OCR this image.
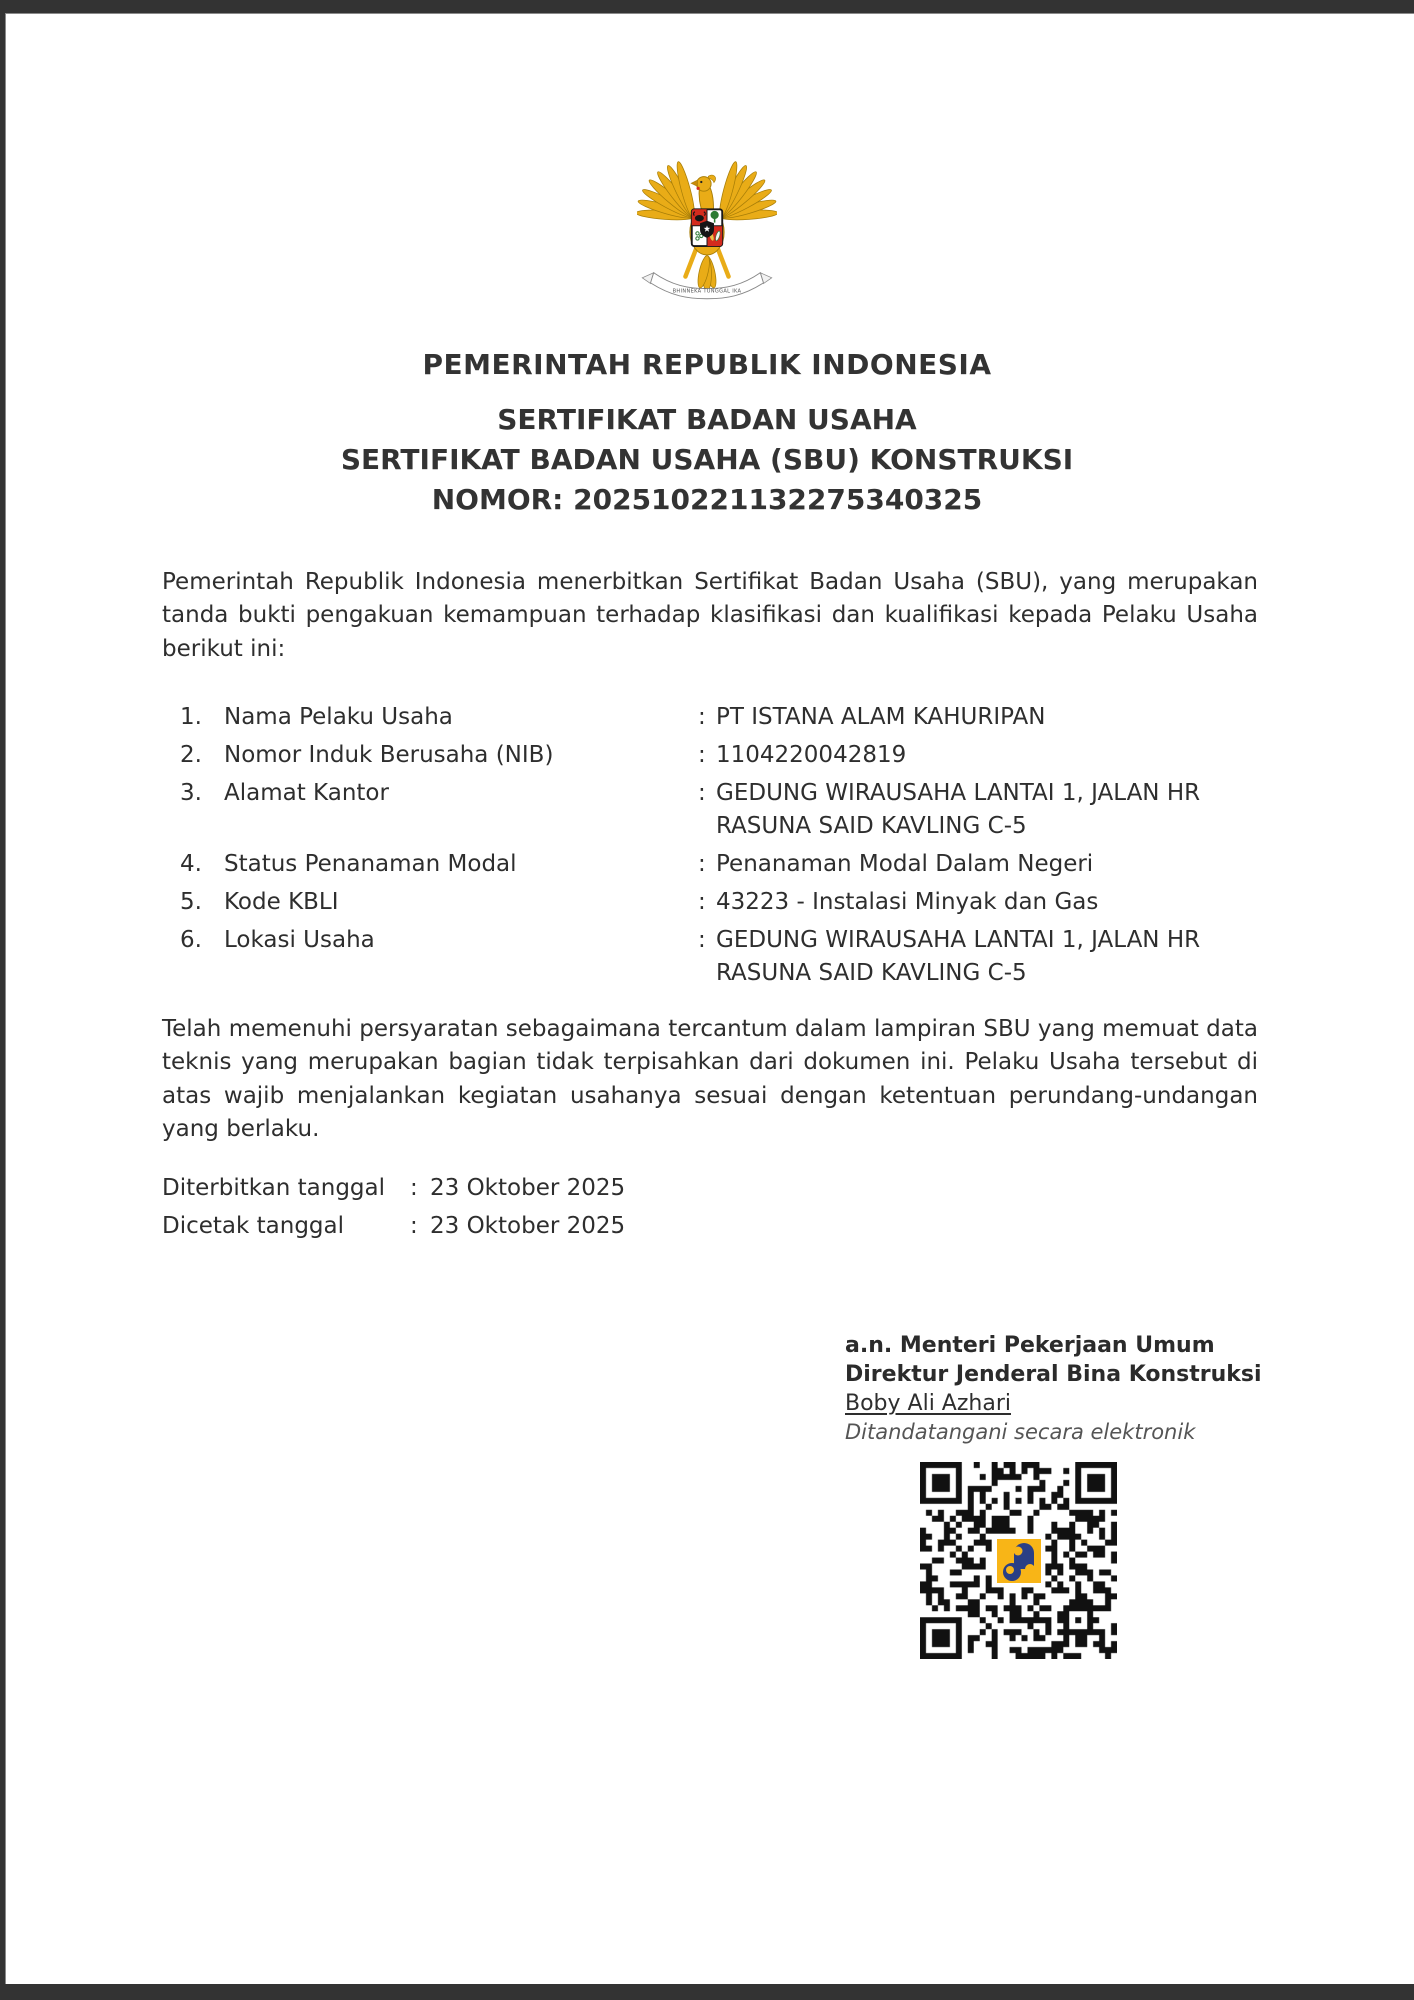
BHINNEKA TUNGGAL IKA
PEMERINTAH REPUBLIK INDONESIA
SERTIFIKAT BADAN USAHA
SERTIFIKAT BADAN USAHA (SBU) KONSTRUKSI
NOMOR: 202510221132275340325
Pemerintah Republik Indonesia menerbitkan Sertifikat Badan Usaha (SBU), yang merupakan tanda bukti pengakuan kemampuan terhadap klasifikasi dan kualifikasi kepada Pelaku Usaha berikut ini:
1. Nama Pelaku Usaha	: PT ISTANA ALAM KAHURIPAN
2. Nomor Induk Berusaha (NIB)	: 1104220042819
3. Alamat Kantor	: GEDUNG WIRAUSAHA LANTAI 1, JALAN HR RASUNA SAID KAVLING C-5
4. Status Penanaman Modal	: Penanaman Modal Dalam Negeri
5. Kode KBLI	: 43223 - Instalasi Minyak dan Gas
6. Lokasi Usaha	: GEDUNG WIRAUSAHA LANTAI 1, JALAN HR RASUNA SAID KAVLING C-5
Telah memenuhi persyaratan sebagaimana tercantum dalam lampiran SBU yang memuat data teknis yang merupakan bagian tidak terpisahkan dari dokumen ini. Pelaku Usaha tersebut di atas wajib menjalankan kegiatan usahanya sesuai dengan ketentuan perundang-undangan yang berlaku.
Diterbitkan tanggal	: 23 Oktober 2025
Dicetak tanggal	: 23 Oktober 2025
a.n. Menteri Pekerjaan Umum
Direktur Jenderal Bina Konstruksi
Boby Ali Azhari
Ditandatangani secara elektronik
